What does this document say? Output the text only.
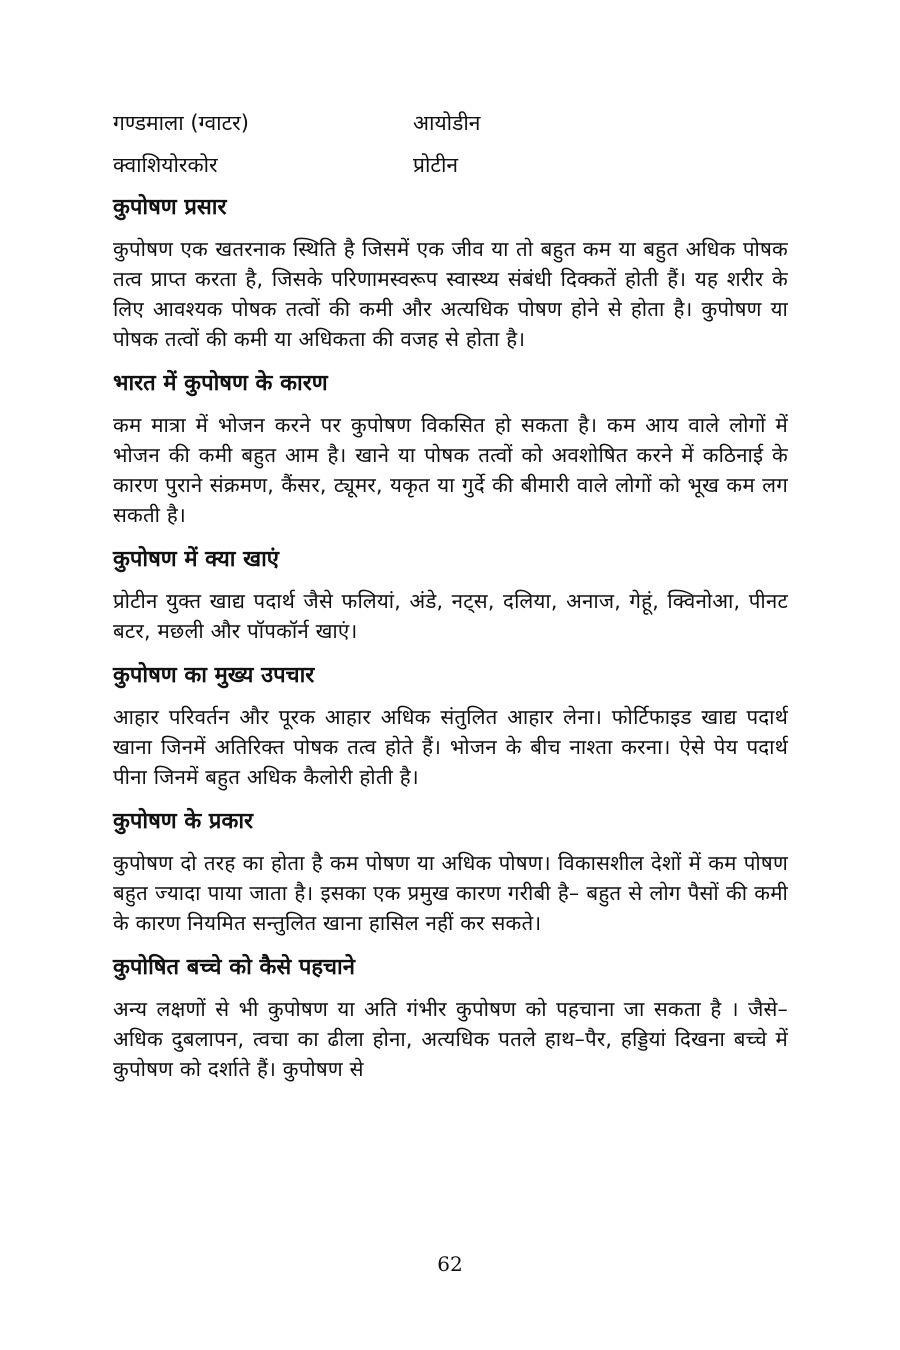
गण्डमाला (ग्वाटर)	आयोडीन
क्वाशियोरकोर	प्रोटीन
कुपोषण प्रसार

कुपोषण एक खतरनाक स्थिति है जिसमें एक जीव या तो बहुत कम या बहुत अधिक पोषक तत्व प्राप्त करता है, जिसके परिणामस्वरूप स्वास्थ्य संबंधी दिक्कतें होती हैं। यह शरीर के लिए आवश्यक पोषक तत्वों की कमी और अत्यधिक पोषण होने से होता है। कुपोषण या पोषक तत्वों की कमी या अधिकता की वजह से होता है।

भारत में कुपोषण के कारण

कम मात्रा में भोजन करने पर कुपोषण विकसित हो सकता है। कम आय वाले लोगों में भोजन की कमी बहुत आम है। खाने या पोषक तत्वों को अवशोषित करने में कठिनाई के कारण पुराने संक्रमण, कैंसर, ट्यूमर, यकृत या गुर्दे की बीमारी वाले लोगों को भूख कम लग सकती है।

कुपोषण में क्या खाएं

प्रोटीन युक्त खाद्य पदार्थ जैसे फलियां, अंडे, नट्स, दलिया, अनाज, गेहूं, क्विनोआ, पीनट बटर, मछली और पॉपकॉर्न खाएं।

कुपोषण का मुख्य उपचार

आहार परिवर्तन और पूरक आहार अधिक संतुलित आहार लेना। फोर्टिफाइड खाद्य पदार्थ खाना जिनमें अतिरिक्त पोषक तत्व होते हैं। भोजन के बीच नाश्ता करना। ऐसे पेय पदार्थ पीना जिनमें बहुत अधिक कैलोरी होती है।

कुपोषण के प्रकार

कुपोषण दो तरह का होता है कम पोषण या अधिक पोषण। विकासशील देशों में कम पोषण बहुत ज्यादा पाया जाता है। इसका एक प्रमुख कारण गरीबी है– बहुत से लोग पैसों की कमी के कारण नियमित सन्तुलित खाना हासिल नहीं कर सकते।

कुपोषित बच्चे को कैसे पहचाने

अन्य लक्षणों से भी कुपोषण या अति गंभीर कुपोषण को पहचाना जा सकता है । जैसे– अधिक दुबलापन, त्वचा का ढीला होना, अत्यधिक पतले हाथ–पैर, हड्डियां दिखना बच्चे में कुपोषण को दर्शाते हैं। कुपोषण से

62
